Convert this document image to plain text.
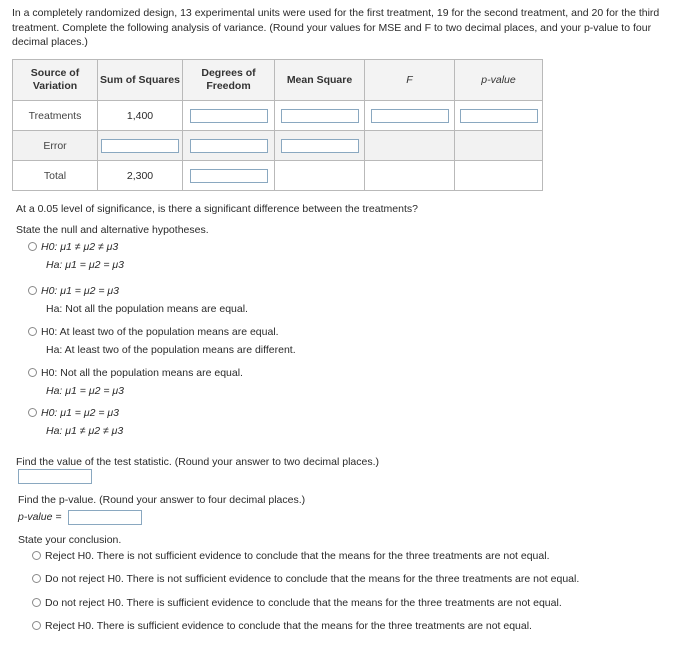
In a completely randomized design, 13 experimental units were used for the first treatment, 19 for the second treatment, and 20 for the third treatment. Complete the following analysis of variance. (Round your values for MSE and F to two decimal places, and your p-value to four decimal places.)
Source of Variation	Sum of Squares	Degrees of Freedom	Mean Square	F	p-value
Treatments	1,400				
Error					
Total	2,300				
At a 0.05 level of significance, is there a significant difference between the treatments?
State the null and alternative hypotheses.
H0: μ1 ≠ μ2 ≠ μ3
Ha: μ1 = μ2 = μ3
H0: μ1 = μ2 = μ3
Ha: Not all the population means are equal.
H0: At least two of the population means are equal.
Ha: At least two of the population means are different.
H0: Not all the population means are equal.
Ha: μ1 = μ2 = μ3
H0: μ1 = μ2 = μ3
Ha: μ1 ≠ μ2 ≠ μ3
Find the value of the test statistic. (Round your answer to two decimal places.)
Find the p-value. (Round your answer to four decimal places.)
p-value =
State your conclusion.
Reject H0. There is not sufficient evidence to conclude that the means for the three treatments are not equal.
Do not reject H0. There is not sufficient evidence to conclude that the means for the three treatments are not equal.
Do not reject H0. There is sufficient evidence to conclude that the means for the three treatments are not equal.
Reject H0. There is sufficient evidence to conclude that the means for the three treatments are not equal.
